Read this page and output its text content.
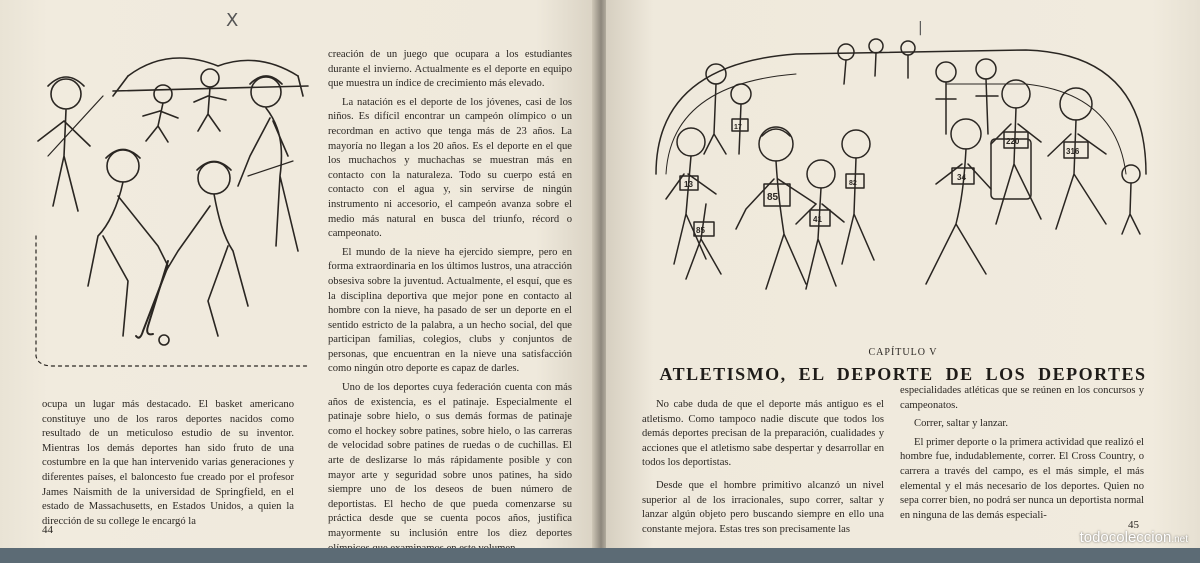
X

ocupa un lugar más destacado. El basket americano constituye uno de los raros deportes nacidos como resultado de un meticuloso estudio de su inventor. Mientras los demás deportes han sido fruto de una costumbre en la que han intervenido varias generaciones y diferentes países, el baloncesto fue creado por el profesor James Naismith de la universidad de Springfield, en el estado de Massachusetts, en Estados Unidos, a quien la dirección de su college le encargó la

creación de un juego que ocupara a los estudiantes durante el invierno. Actualmente es el deporte en equipo que muestra un índice de crecimiento más elevado.

La natación es el deporte de los jóvenes, casi de los niños. Es difícil encontrar un campeón olímpico o un recordman en activo que tenga más de 23 años. La mayoría no llegan a los 20 años. Es el deporte en el que los muchachos y muchachas se muestran más en contacto con la naturaleza. Todo su cuerpo está en contacto con el agua y, sin servirse de ningún instrumento ni accesorio, el campeón avanza sobre el medio más natural en busca del triunfo, récord o campeonato.

El mundo de la nieve ha ejercido siempre, pero en forma extraordinaria en los últimos lustros, una atracción obsesiva sobre la juventud. Actualmente, el esquí, que es la disciplina deportiva que mejor pone en contacto al hombre con la nieve, ha pasado de ser un deporte en el sentido estricto de la palabra, a un hecho social, del que participan familias, colegios, clubs y conjuntos de personas, que encuentran en la nieve una satisfacción como ningún otro deporte es capaz de darles.

Uno de los deportes cuya federación cuenta con más años de existencia, es el patinaje. Especialmente el patinaje sobre hielo, o sus demás formas de patinaje como el hockey sobre patines, sobre hielo, o las carreras de velocidad sobre patines de ruedas o de cuchillas. El arte de deslizarse lo más rápidamente posible y con mayor arte y seguridad sobre unos patines, ha sido siempre uno de los deseos de buen número de deportistas. El hecho de que pueda comenzarse su práctica desde que se cuenta pocos años, justifica mayormente su inclusión entre los diez deportes

44
85
41
85
220
316
13
34
82
17
|
CAPÍTULO V
ATLETISMO, EL DEPORTE DE LOS DEPORTES

No cabe duda de que el deporte más antiguo es el atletismo. Como tampoco nadie discute que todos los demás deportes precisan de la preparación, cualidades y acciones que el atletismo sabe despertar y desarrollar en todos los deportistas.

Desde que el hombre primitivo alcanzó un nivel superior al de los irracionales, supo correr, saltar y lanzar algún objeto pero buscando siempre en ello una constante mejora. Estas tres son precisamente las

especialidades atléticas que se reúnen en los concursos y campeonatos.

Correr, saltar y lanzar.

El primer deporte o la primera actividad que realizó el hombre fue, indudablemente, correr. El Cross Country, o carrera a través del campo, es el más simple, el más elemental y el más necesario de los deportes. Quien no sepa correr bien, no podrá ser nunca un deportista normal en ninguna de las demás especiali-

45
todocoleccion.net
